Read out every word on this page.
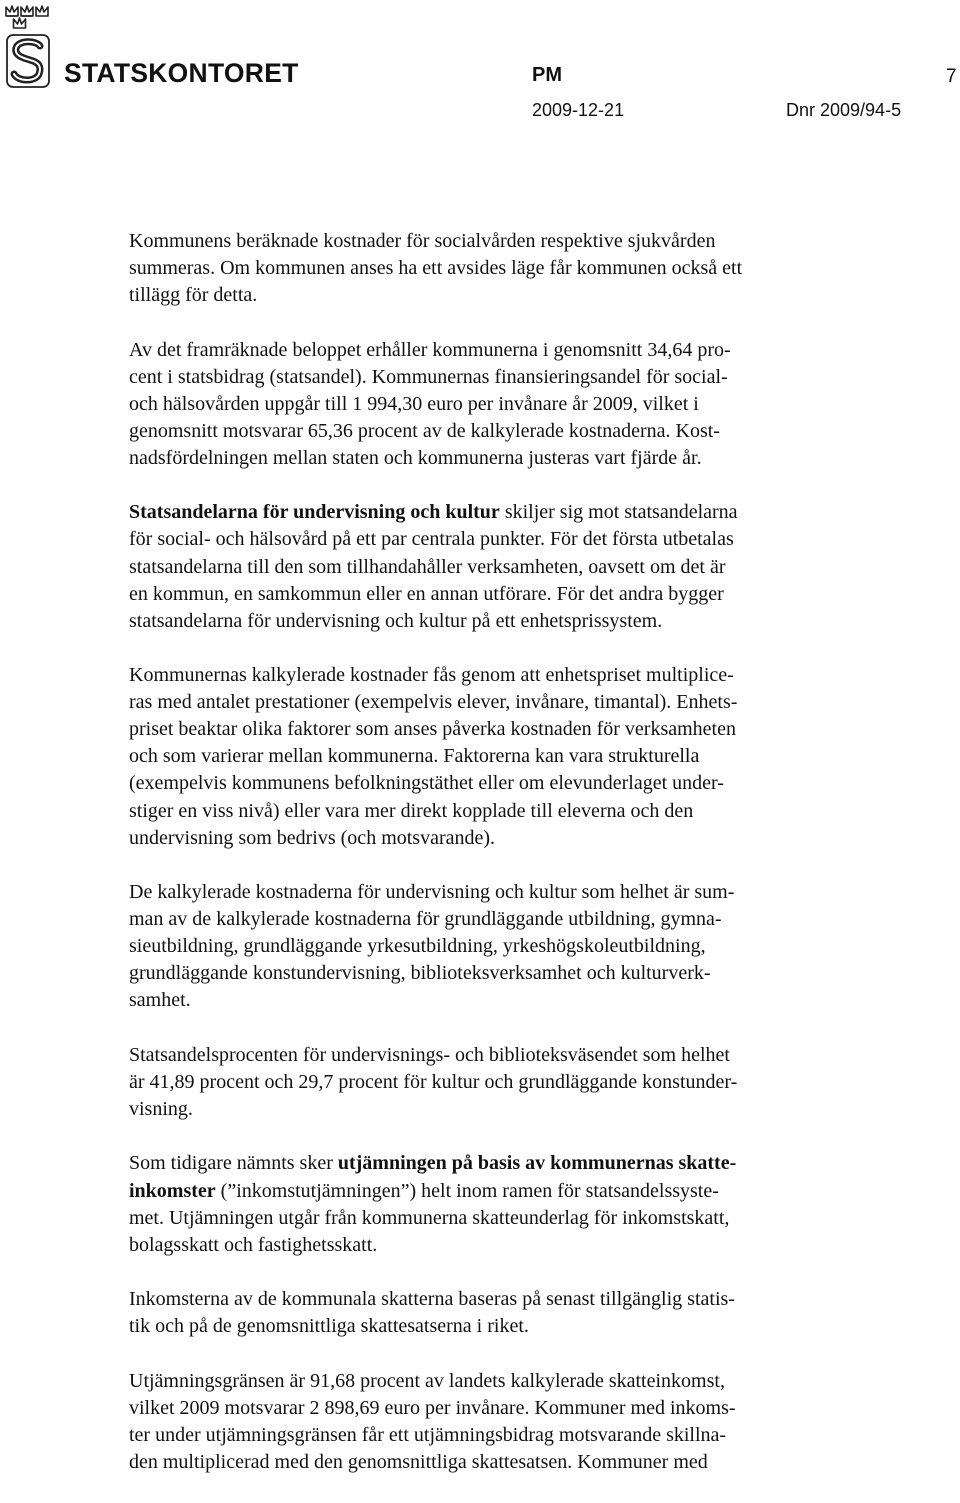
STATSKONTORET	PM	7
2009-12-21	Dnr 2009/94-5

Kommunens beräknade kostnader för socialvården respektive sjukvården
summeras. Om kommunen anses ha ett avsides läge får kommunen också ett
tillägg för detta.

Av det framräknade beloppet erhåller kommunerna i genomsnitt 34,64 pro-
cent i statsbidrag (statsandel). Kommunernas finansieringsandel för social-
och hälsovården uppgår till 1 994,30 euro per invånare år 2009, vilket i
genomsnitt motsvarar 65,36 procent av de kalkylerade kostnaderna. Kost-
nadsfördelningen mellan staten och kommunerna justeras vart fjärde år.

Statsandelarna för undervisning och kultur skiljer sig mot statsandelarna
för social- och hälsovård på ett par centrala punkter. För det första utbetalas
statsandelarna till den som tillhandahåller verksamheten, oavsett om det är
en kommun, en samkommun eller en annan utförare. För det andra bygger
statsandelarna för undervisning och kultur på ett enhetsprissystem.

Kommunernas kalkylerade kostnader fås genom att enhetspriset multiplice-
ras med antalet prestationer (exempelvis elever, invånare, timantal). Enhets-
priset beaktar olika faktorer som anses påverka kostnaden för verksamheten
och som varierar mellan kommunerna. Faktorerna kan vara strukturella
(exempelvis kommunens befolkningstäthet eller om elevunderlaget under-
stiger en viss nivå) eller vara mer direkt kopplade till eleverna och den
undervisning som bedrivs (och motsvarande).

De kalkylerade kostnaderna för undervisning och kultur som helhet är sum-
man av de kalkylerade kostnaderna för grundläggande utbildning, gymna-
sieutbildning, grundläggande yrkesutbildning, yrkeshögskoleutbildning,
grundläggande konstundervisning, biblioteksverksamhet och kulturverk-
samhet.

Statsandelsprocenten för undervisnings- och biblioteksväsendet som helhet
är 41,89 procent och 29,7 procent för kultur och grundläggande konstunder-
visning.

Som tidigare nämnts sker utjämningen på basis av kommunernas skatte-
inkomster (”inkomstutjämningen”) helt inom ramen för statsandelssyste-
met. Utjämningen utgår från kommunerna skatteunderlag för inkomstskatt,
bolagsskatt och fastighetsskatt.

Inkomsterna av de kommunala skatterna baseras på senast tillgänglig statis-
tik och på de genomsnittliga skattesatserna i riket.

Utjämningsgränsen är 91,68 procent av landets kalkylerade skatteinkomst,
vilket 2009 motsvarar 2 898,69 euro per invånare. Kommuner med inkoms-
ter under utjämningsgränsen får ett utjämningsbidrag motsvarande skillna-
den multiplicerad med den genomsnittliga skattesatsen. Kommuner med
